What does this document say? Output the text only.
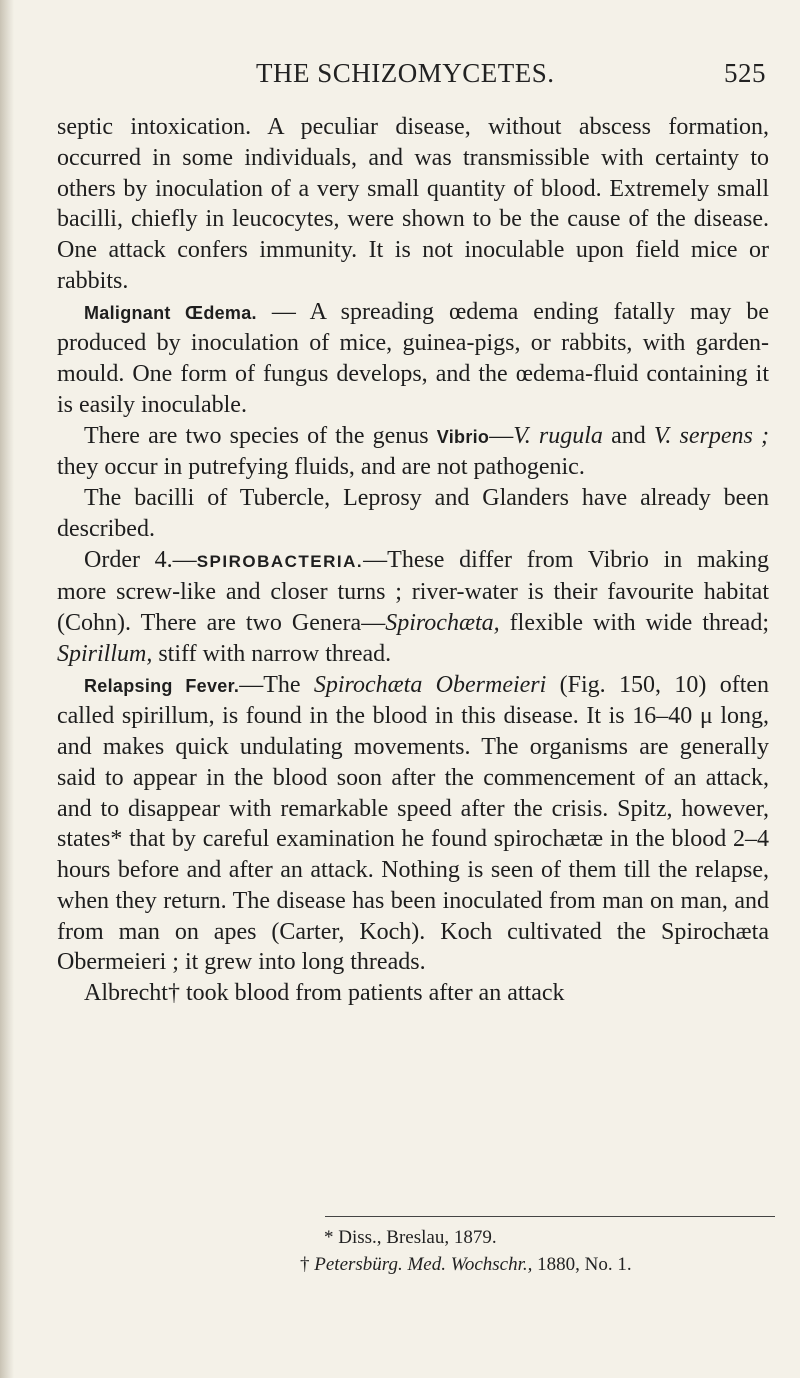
THE SCHIZOMYCETES.	525

septic intoxication. A peculiar disease, without abscess formation, occurred in some individuals, and was transmissible with certainty to others by inoculation of a very small quantity of blood. Extremely small bacilli, chiefly in leucocytes, were shown to be the cause of the disease. One attack confers immunity. It is not inoculable upon field mice or rabbits.

Malignant Œdema. — A spreading œdema ending fatally may be produced by inoculation of mice, guinea-pigs, or rabbits, with garden-mould. One form of fungus develops, and the œdema-fluid containing it is easily inoculable.

There are two species of the genus Vibrio—V. rugula and V. serpens ; they occur in putrefying fluids, and are not pathogenic.

The bacilli of Tubercle, Leprosy and Glanders have already been described.

Order 4.—SPIROBACTERIA.—These differ from Vibrio in making more screw-like and closer turns ; river-water is their favourite habitat (Cohn). There are two Genera—Spirochæta, flexible with wide thread; Spirillum, stiff with narrow thread.

Relapsing Fever.—The Spirochæta Obermeieri (Fig. 150, 10) often called spirillum, is found in the blood in this disease. It is 16–40 μ long, and makes quick undulating movements. The organisms are generally said to appear in the blood soon after the commencement of an attack, and to disappear with remarkable speed after the crisis. Spitz, however, states* that by careful examination he found spirochætæ in the blood 2–4 hours before and after an attack. Nothing is seen of them till the relapse, when they return. The disease has been inoculated from man on man, and from man on apes (Carter, Koch). Koch cultivated the Spirochæta Obermeieri ; it grew into long threads.

Albrecht† took blood from patients after an attack

* Diss., Breslau, 1879.

† Petersbürg. Med. Wochschr., 1880, No. 1.
